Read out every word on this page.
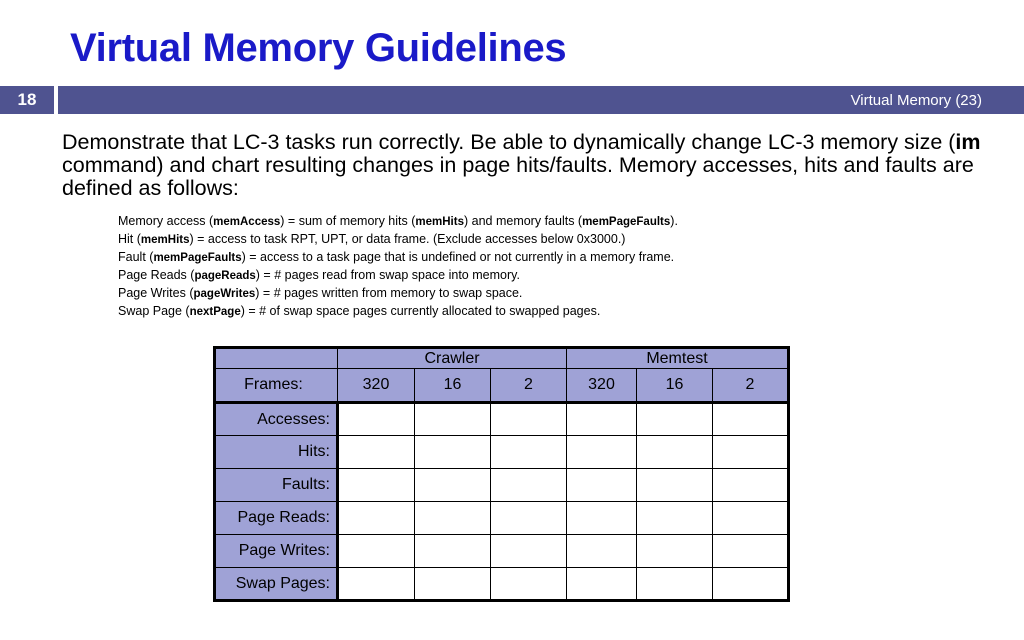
Virtual Memory Guidelines
18	Virtual Memory (23)
Demonstrate that LC-3 tasks run correctly. Be able to dynamically change LC-3 memory size (im command) and chart resulting changes in page hits/faults. Memory accesses, hits and faults are defined as follows:
Memory access (memAccess) = sum of memory hits (memHits) and memory faults (memPageFaults).
Hit (memHits) = access to task RPT, UPT, or data frame. (Exclude accesses below 0x3000.)
Fault (memPageFaults) = access to a task page that is undefined or not currently in a memory frame.
Page Reads (pageReads) = # pages read from swap space into memory.
Page Writes (pageWrites) = # pages written from memory to swap space.
Swap Page (nextPage) = # of swap space pages currently allocated to swapped pages.
	Crawler			Memtest		
Frames:	320	16	2	320	16	2
Accesses:						
Hits:						
Faults:						
Page Reads:						
Page Writes:						
Swap Pages:						
